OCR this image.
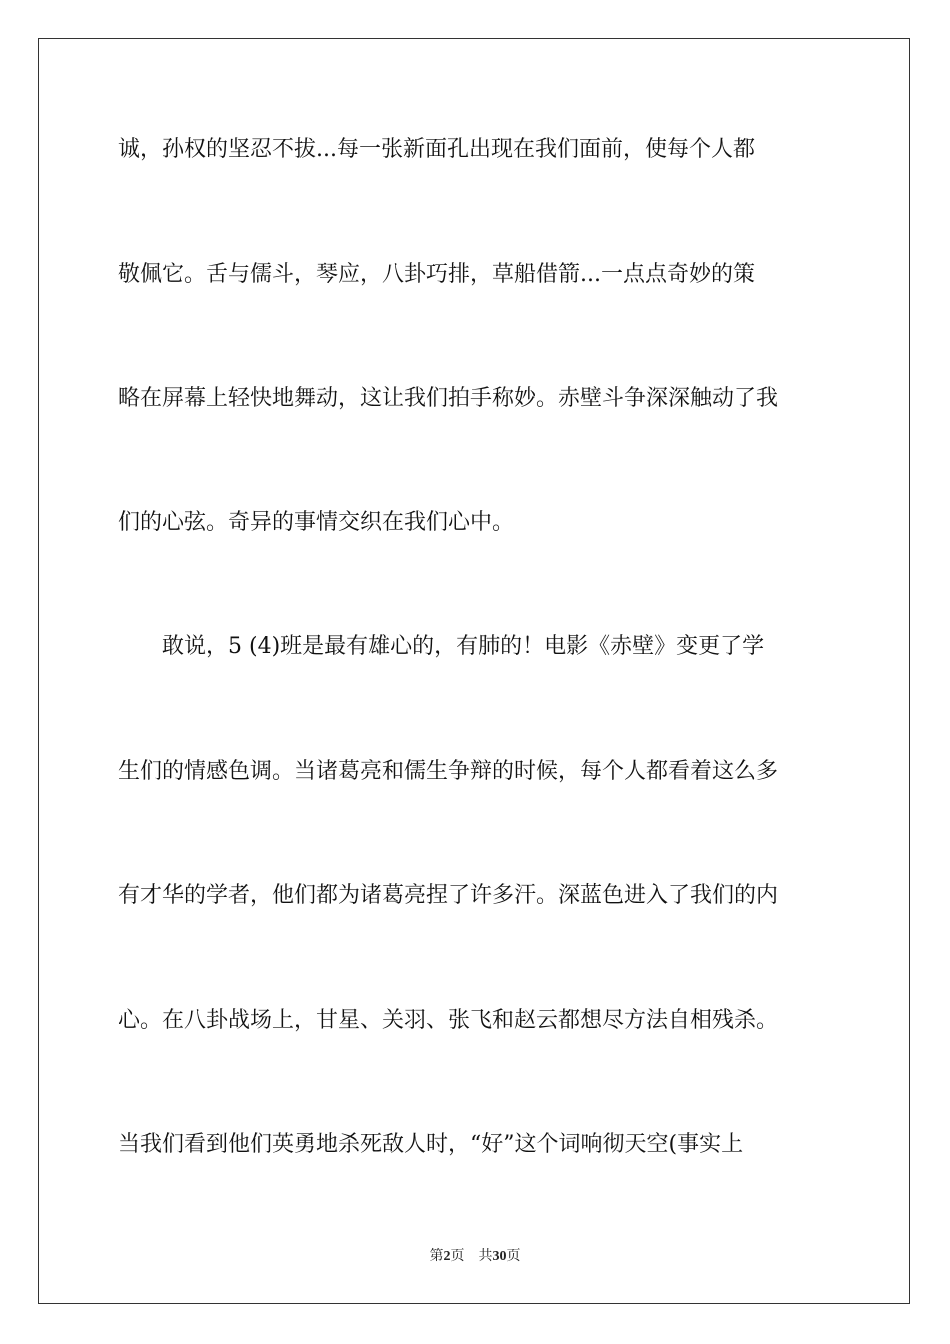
诚，孙权的坚忍不拔...每一张新面孔出现在我们面前，使每个人都
敬佩它。舌与儒斗，琴应，八卦巧排，草船借箭...一点点奇妙的策
略在屏幕上轻快地舞动，这让我们拍手称妙。赤壁斗争深深触动了我
们的心弦。奇异的事情交织在我们心中。
　　敢说，5 (4)班是最有雄心的，有肺的！电影《赤壁》变更了学
生们的情感色调。当诸葛亮和儒生争辩的时候，每个人都看着这么多
有才华的学者，他们都为诸葛亮捏了许多汗。深蓝色进入了我们的内
心。在八卦战场上，甘星、关羽、张飞和赵云都想尽方法自相残杀。
当我们看到他们英勇地杀死敌人时，“好”这个词响彻天空(事实上
第2页 共30页
